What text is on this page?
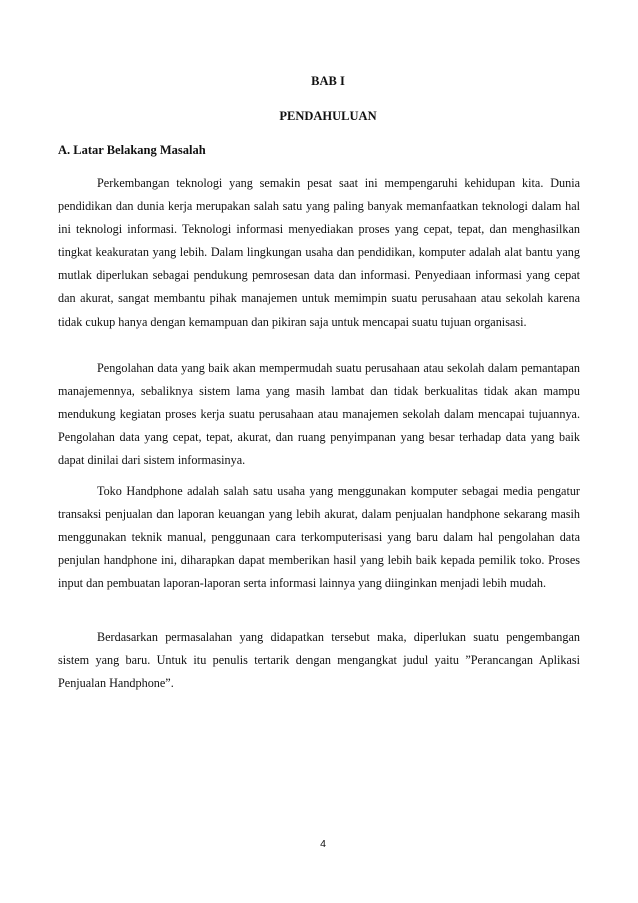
BAB I
PENDAHULUAN
A. Latar Belakang Masalah

Perkembangan teknologi yang semakin pesat saat ini mempengaruhi kehidupan kita. Dunia pendidikan dan dunia kerja merupakan salah satu yang paling banyak memanfaatkan teknologi dalam hal ini teknologi informasi. Teknologi informasi menyediakan proses yang cepat, tepat, dan menghasilkan tingkat keakuratan yang lebih. Dalam lingkungan usaha dan pendidikan, komputer adalah alat bantu yang mutlak diperlukan sebagai pendukung pemrosesan data dan informasi. Penyediaan informasi yang cepat dan akurat, sangat membantu pihak manajemen untuk memimpin suatu perusahaan atau sekolah karena tidak cukup hanya dengan kemampuan dan pikiran saja untuk mencapai suatu tujuan organisasi.

Pengolahan data yang baik akan mempermudah suatu perusahaan atau sekolah dalam pemantapan manajemennya, sebaliknya sistem lama yang masih lambat dan tidak berkualitas tidak akan mampu mendukung kegiatan proses kerja suatu perusahaan atau manajemen sekolah dalam mencapai tujuannya. Pengolahan data yang cepat, tepat, akurat, dan ruang penyimpanan yang besar terhadap data yang baik dapat dinilai dari sistem informasinya.

Toko Handphone adalah salah satu usaha yang menggunakan komputer sebagai media pengatur transaksi penjualan dan laporan keuangan yang lebih akurat, dalam penjualan handphone sekarang masih menggunakan teknik manual, penggunaan cara terkomputerisasi yang baru dalam hal pengolahan data penjulan handphone ini, diharapkan dapat memberikan hasil yang lebih baik kepada pemilik toko. Proses input dan pembuatan laporan-laporan serta informasi lainnya yang diinginkan menjadi lebih mudah.

Berdasarkan permasalahan yang didapatkan tersebut maka, diperlukan suatu pengembangan sistem yang baru. Untuk itu penulis tertarik dengan mengangkat judul yaitu ”Perancangan Aplikasi Penjualan Handphone”.

4
